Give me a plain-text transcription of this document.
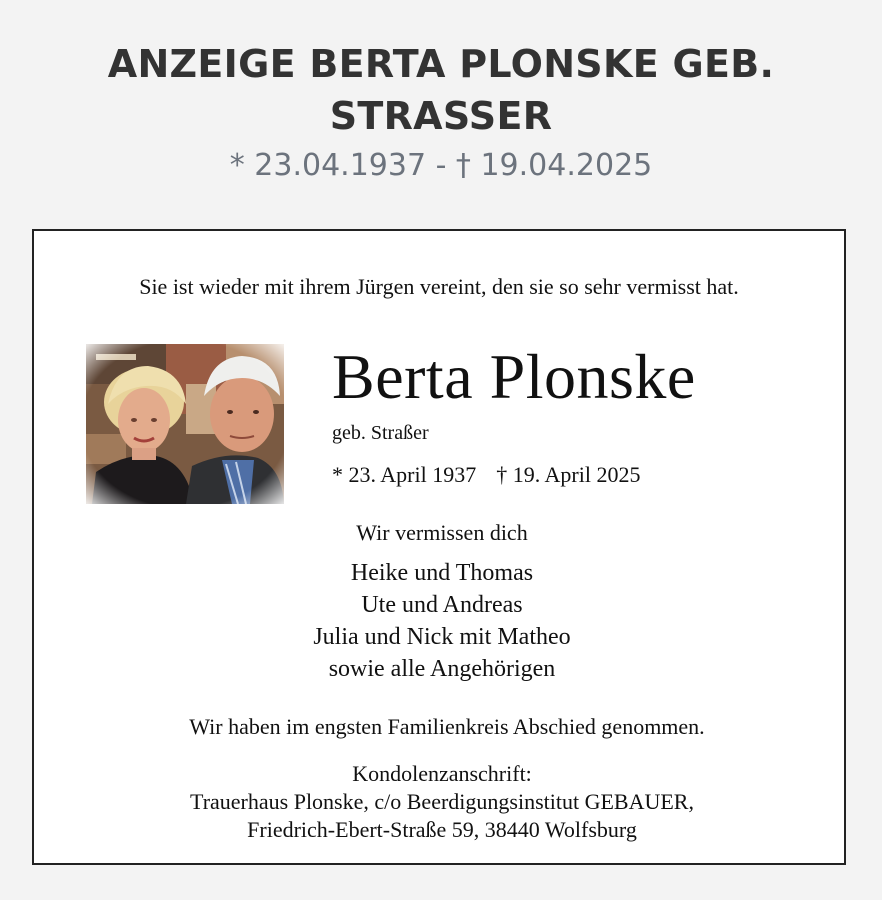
ANZEIGE BERTA PLONSKE GEB. STRASSER
* 23.04.1937 - † 19.04.2025
Sie ist wieder mit ihrem Jürgen vereint, den sie so sehr vermisst hat.
Berta Plonske
geb. Straßer
* 23. April 1937 † 19. April 2025
Wir vermissen dich
Heike und Thomas
Ute und Andreas
Julia und Nick mit Matheo
sowie alle Angehörigen
Wir haben im engsten Familienkreis Abschied genommen.
Kondolenzanschrift:
Trauerhaus Plonske, c/o Beerdigungsinstitut GEBAUER,
Friedrich-Ebert-Straße 59, 38440 Wolfsburg
